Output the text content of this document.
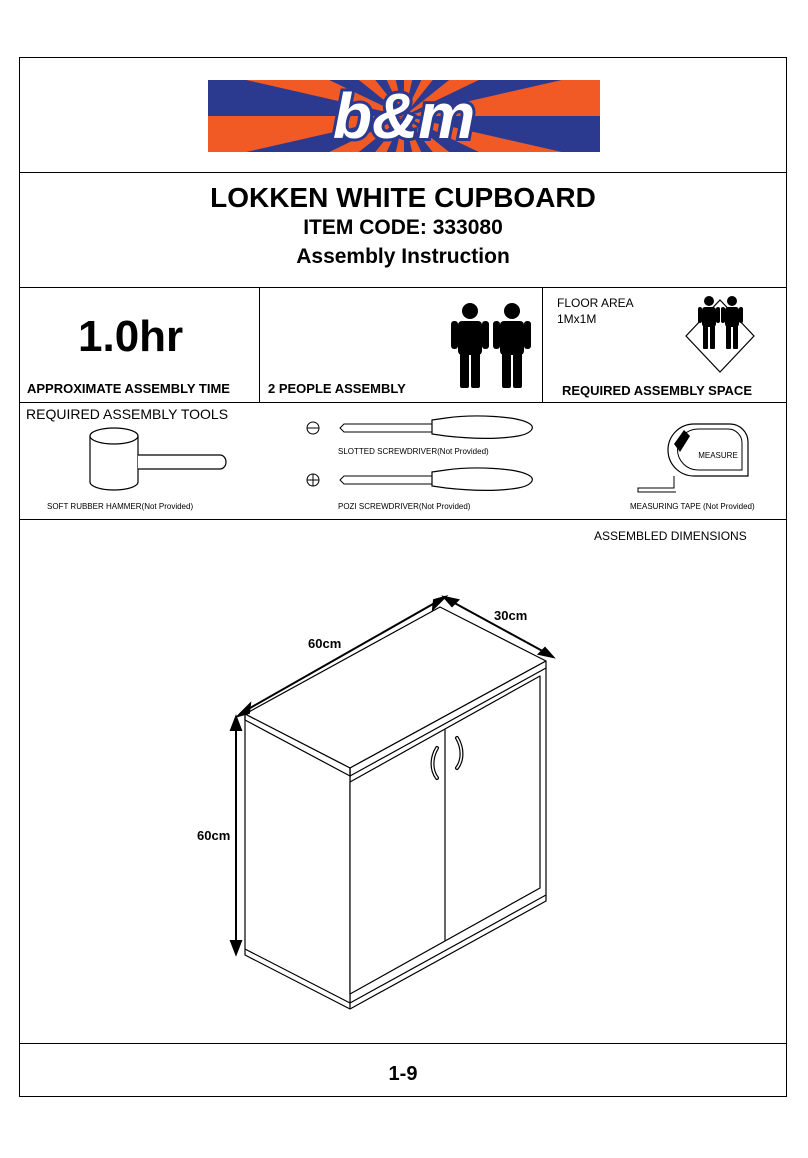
b&m
LOKKEN WHITE CUPBOARD
ITEM CODE: 333080
Assembly Instruction
1.0hr
APPROXIMATE ASSEMBLY TIME	2 PEOPLE ASSEMBLY
FLOOR AREA
1Mx1M
REQUIRED ASSEMBLY SPACE
REQUIRED ASSEMBLY TOOLS
SOFT RUBBER HAMMER(Not Provided)
SLOTTED SCREWDRIVER(Not Provided)
POZI SCREWDRIVER(Not Provided)
MEASURE
MEASURING TAPE (Not Provided)
ASSEMBLED DIMENSIONS
60cm
30cm
60cm
1-9
